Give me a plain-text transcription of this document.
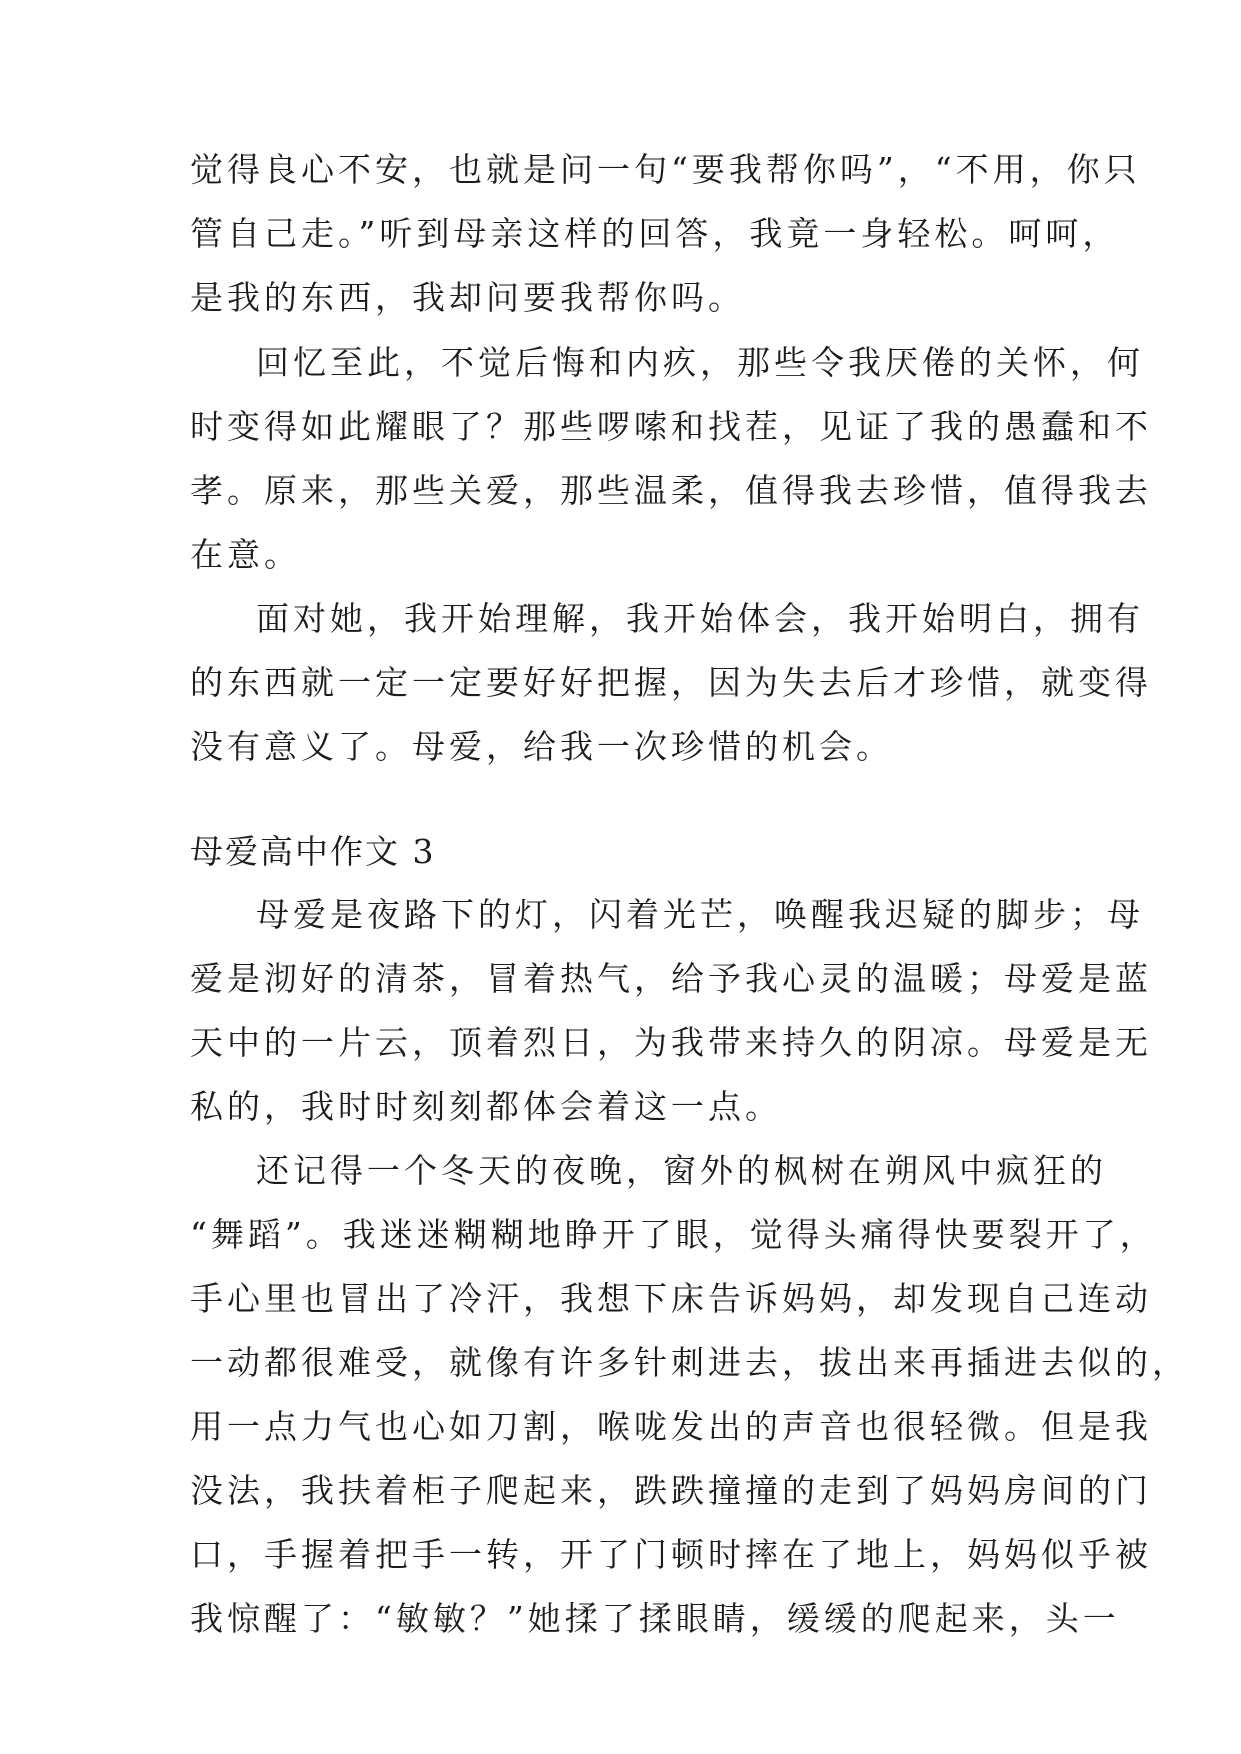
觉得良心不安，也就是问一句“要我帮你吗”，“不用，你只
管自己走。”听到母亲这样的回答，我竟一身轻松。呵呵，
是我的东西，我却问要我帮你吗。
回忆至此，不觉后悔和内疚，那些令我厌倦的关怀，何
时变得如此耀眼了？那些啰嗦和找茬，见证了我的愚蠢和不
孝。原来，那些关爱，那些温柔，值得我去珍惜，值得我去
在意。
面对她，我开始理解，我开始体会，我开始明白，拥有
的东西就一定一定要好好把握，因为失去后才珍惜，就变得
没有意义了。母爱，给我一次珍惜的机会。
母爱高中作文 3
母爱是夜路下的灯，闪着光芒，唤醒我迟疑的脚步；母
爱是沏好的清茶，冒着热气，给予我心灵的温暖；母爱是蓝
天中的一片云，顶着烈日，为我带来持久的阴凉。母爱是无
私的，我时时刻刻都体会着这一点。
还记得一个冬天的夜晚，窗外的枫树在朔风中疯狂的
“舞蹈”。我迷迷糊糊地睁开了眼，觉得头痛得快要裂开了，
手心里也冒出了冷汗，我想下床告诉妈妈，却发现自己连动
一动都很难受，就像有许多针刺进去，拔出来再插进去似的，
用一点力气也心如刀割，喉咙发出的声音也很轻微。但是我
没法，我扶着柜子爬起来，跌跌撞撞的走到了妈妈房间的门
口，手握着把手一转，开了门顿时摔在了地上，妈妈似乎被
我惊醒了：“敏敏？”她揉了揉眼睛，缓缓的爬起来，头一
